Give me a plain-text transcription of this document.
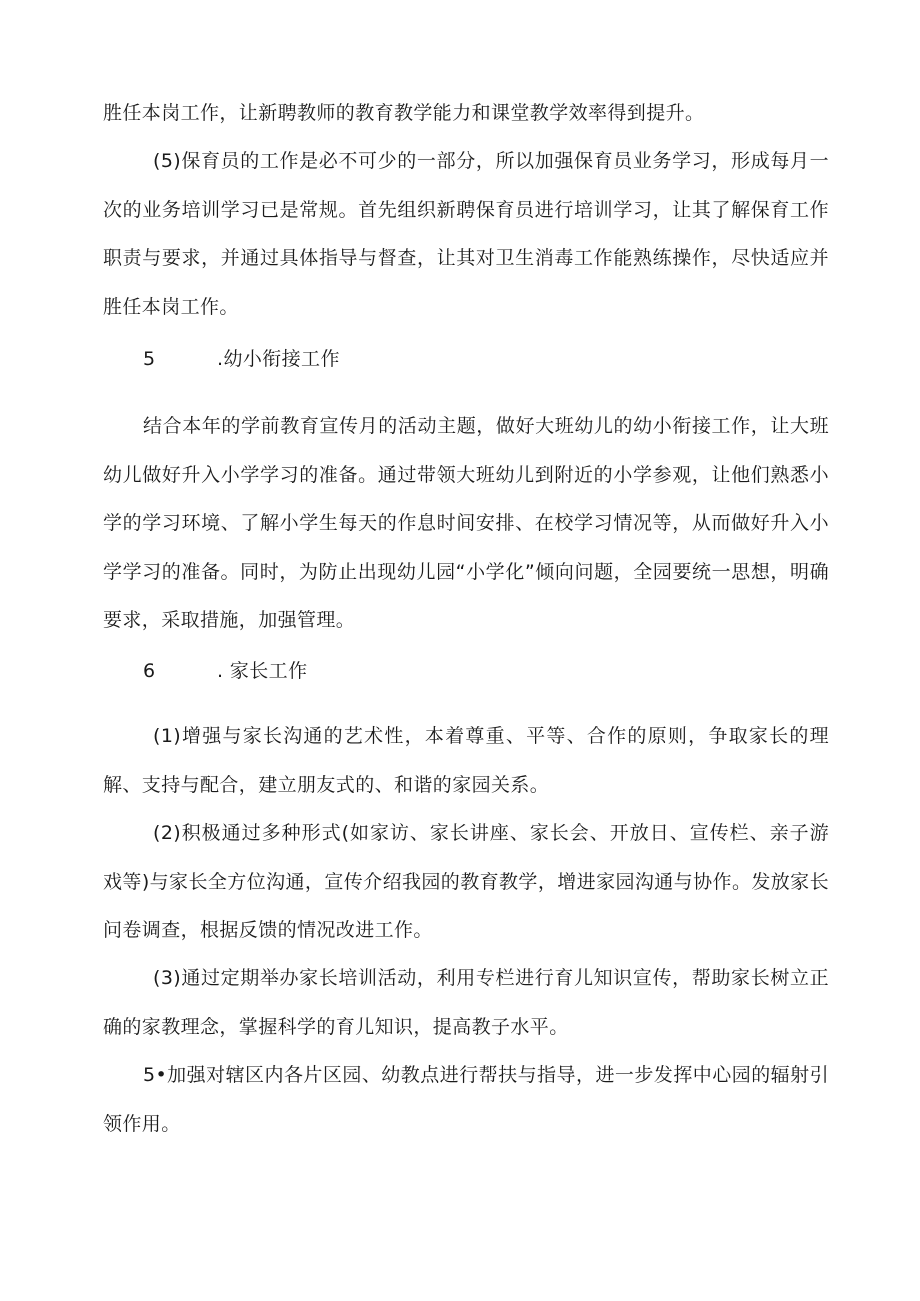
胜任本岗工作，让新聘教师的教育教学能力和课堂教学效率得到提升。

(5)保育员的工作是必不可少的一部分，所以加强保育员业务学习，形成每月一次的业务培训学习已是常规。首先组织新聘保育员进行培训学习，让其了解保育工作职责与要求，并通过具体指导与督查，让其对卫生消毒工作能熟练操作，尽快适应并胜任本岗工作。

5	.幼小衔接工作

结合本年的学前教育宣传月的活动主题，做好大班幼儿的幼小衔接工作，让大班幼儿做好升入小学学习的准备。通过带领大班幼儿到附近的小学参观，让他们熟悉小学的学习环境、了解小学生每天的作息时间安排、在校学习情况等，从而做好升入小学学习的准备。同时，为防止出现幼儿园“小学化”倾向问题，全园要统一思想，明确要求，采取措施，加强管理。

6	. 家长工作

(1)增强与家长沟通的艺术性，本着尊重、平等、合作的原则，争取家长的理解、支持与配合，建立朋友式的、和谐的家园关系。

(2)积极通过多种形式(如家访、家长讲座、家长会、开放日、宣传栏、亲子游戏等)与家长全方位沟通，宣传介绍我园的教育教学，增进家园沟通与协作。发放家长问卷调查，根据反馈的情况改进工作。

(3)通过定期举办家长培训活动，利用专栏进行育儿知识宣传，帮助家长树立正确的家教理念，掌握科学的育儿知识，提高教子水平。

5•加强对辖区内各片区园、幼教点进行帮扶与指导，进一步发挥中心园的辐射引领作用。
